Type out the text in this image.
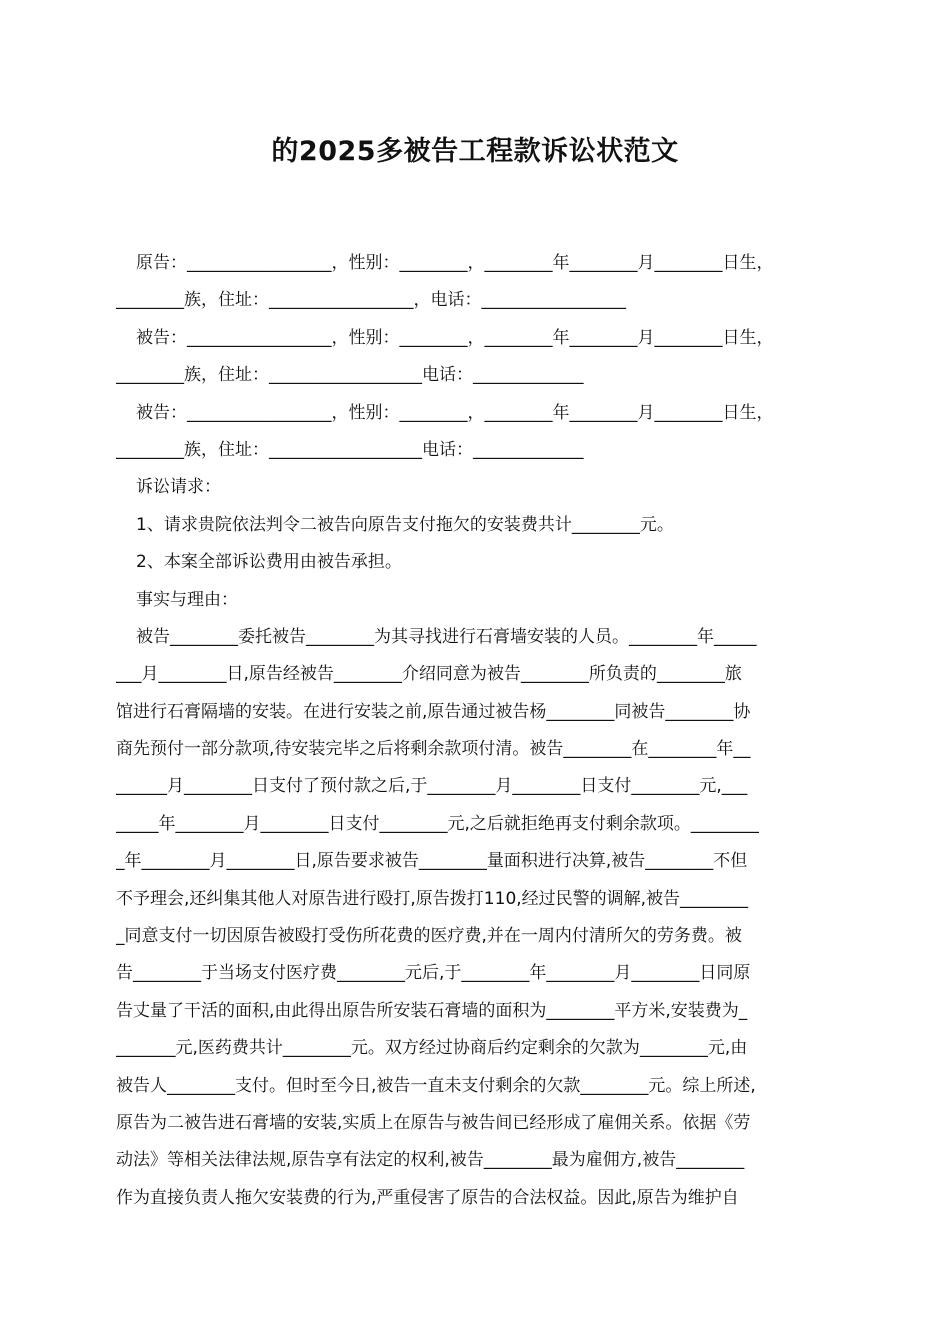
的2025多被告工程款诉讼状范文
原告：_________________，性别：________，________年________月________日生，
________族，住址：_________________，电话：_________________
被告：_________________，性别：________，________年________月________日生，
________族，住址：__________________电话：_____________
被告：_________________，性别：________，________年________月________日生，
________族，住址：__________________电话：_____________
诉讼请求：
1、请求贵院依法判令二被告向原告支付拖欠的安装费共计________元。
2、本案全部诉讼费用由被告承担。
事实与理由：
被告________委托被告________为其寻找进行石膏墙安装的人员。________年_____
___月________日,原告经被告________介绍同意为被告________所负责的________旅
馆进行石膏隔墙的安装。在进行安装之前,原告通过被告杨________同被告________协
商先预付一部分款项,待安装完毕之后将剩余款项付清。被告________在________年__
______月________日支付了预付款之后,于________月________日支付________元,___
_____年________月________日支付________元,之后就拒绝再支付剩余款项。________
_年________月________日,原告要求被告________量面积进行决算,被告________不但
不予理会,还纠集其他人对原告进行殴打,原告拨打110,经过民警的调解,被告________
_同意支付一切因原告被殴打受伤所花费的医疗费,并在一周内付清所欠的劳务费。被
告________于当场支付医疗费________元后,于________年________月________日同原
告丈量了干活的面积,由此得出原告所安装石膏墙的面积为________平方米,安装费为_
_______元,医药费共计________元。双方经过协商后约定剩余的欠款为________元,由
被告人________支付。但时至今日,被告一直未支付剩余的欠款________元。综上所述,
原告为二被告进石膏墙的安装,实质上在原告与被告间已经形成了雇佣关系。依据《劳
动法》等相关法律法规,原告享有法定的权利,被告________最为雇佣方,被告________
作为直接负责人拖欠安装费的行为,严重侵害了原告的合法权益。因此,原告为维护自
